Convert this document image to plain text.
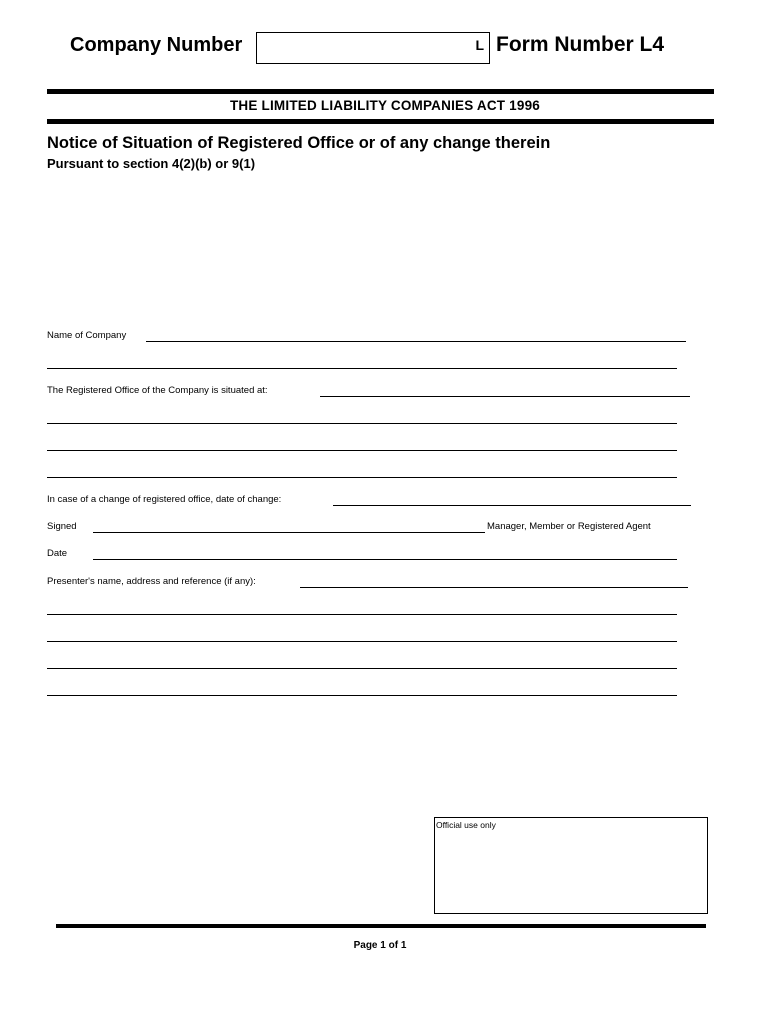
Company Number	L Form Number L4
THE LIMITED LIABILITY COMPANIES ACT 1996
Notice of Situation of Registered Office or of any change therein
Pursuant to section 4(2)(b) or 9(1)
Name of Company
The Registered Office of the Company is situated at:
In case of a change of registered office, date of change:
Signed	Manager, Member or Registered Agent
Date
Presenter's name, address and reference (if any):
Official use only
Page 1 of 1
